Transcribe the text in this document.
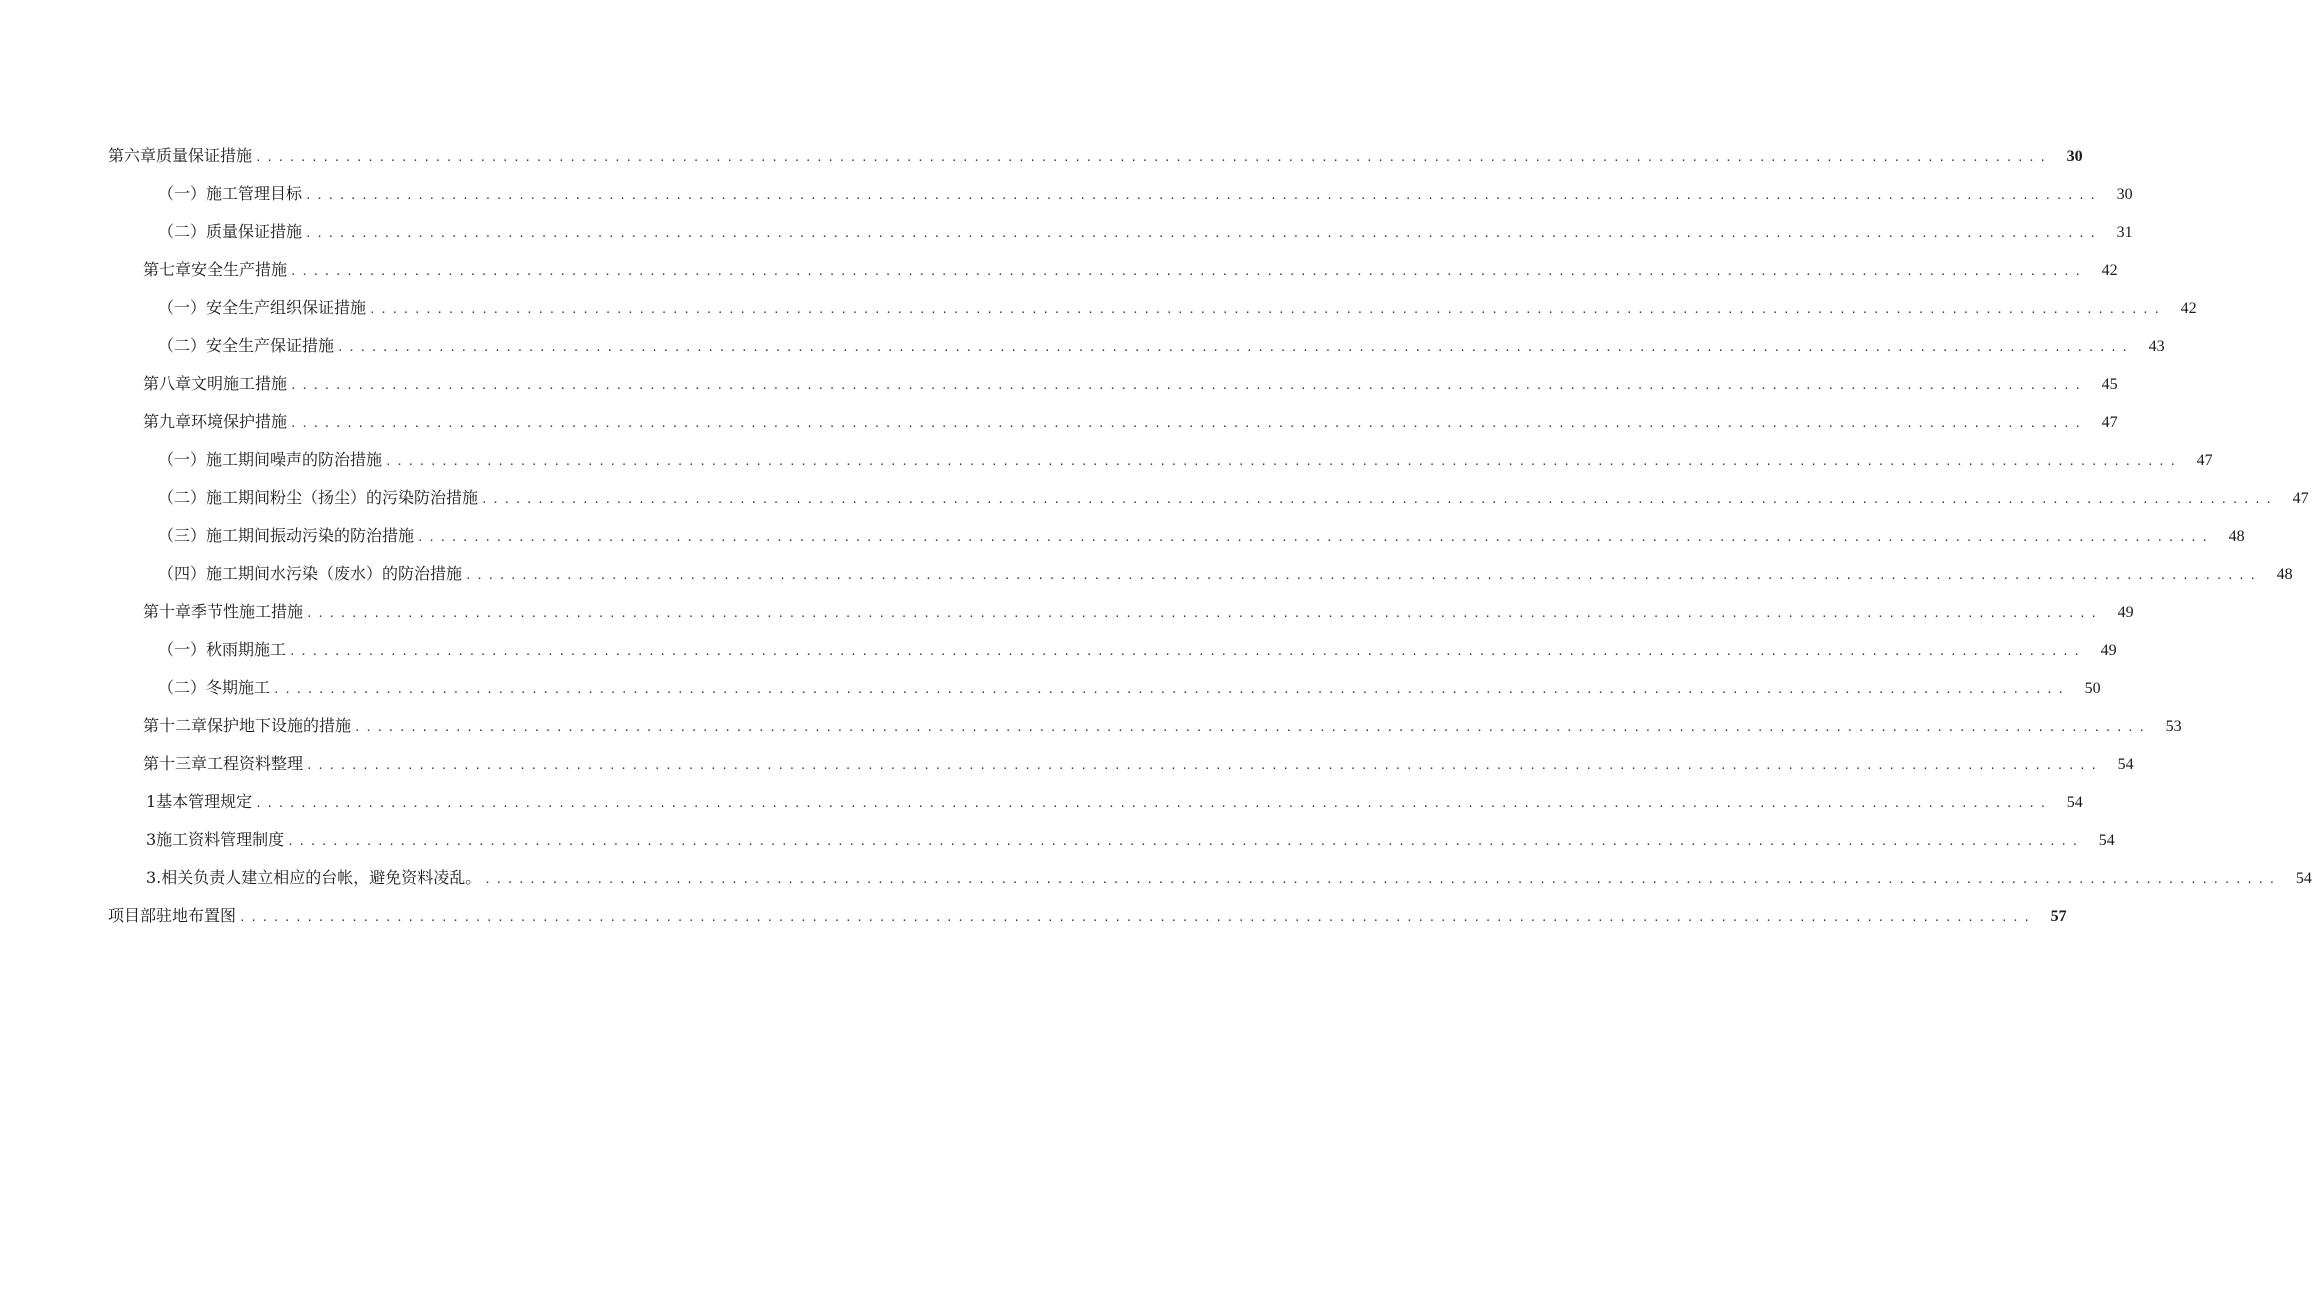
第六章质量保证措施 ................................................................................................................................................................	30
（一）施工管理目标 ................................................................................................................................................................	30
（二）质量保证措施 ................................................................................................................................................................	31
第七章安全生产措施 ................................................................................................................................................................	42
（一）安全生产组织保证措施 ................................................................................................................................................................	42
（二）安全生产保证措施 ................................................................................................................................................................	43
第八章文明施工措施 ................................................................................................................................................................	45
第九章环境保护措施 ................................................................................................................................................................	47
（一）施工期间噪声的防治措施 ................................................................................................................................................................	47
（二）施工期间粉尘（扬尘）的污染防治措施 ................................................................................................................................................................	47
（三）施工期间振动污染的防治措施 ................................................................................................................................................................	48
（四）施工期间水污染（废水）的防治措施 ................................................................................................................................................................	48
第十章季节性施工措施 ................................................................................................................................................................	49
（一）秋雨期施工 ................................................................................................................................................................	49
（二）冬期施工 ................................................................................................................................................................	50
第十二章保护地下设施的措施 ................................................................................................................................................................	53
第十三章工程资料整理 ................................................................................................................................................................	54
1基本管理规定 ................................................................................................................................................................	54
3施工资料管理制度 ................................................................................................................................................................	54
3.相关负责人建立相应的台帐，避免资料凌乱。 ................................................................................................................................................................	54
项目部驻地布置图 ................................................................................................................................................................	57
